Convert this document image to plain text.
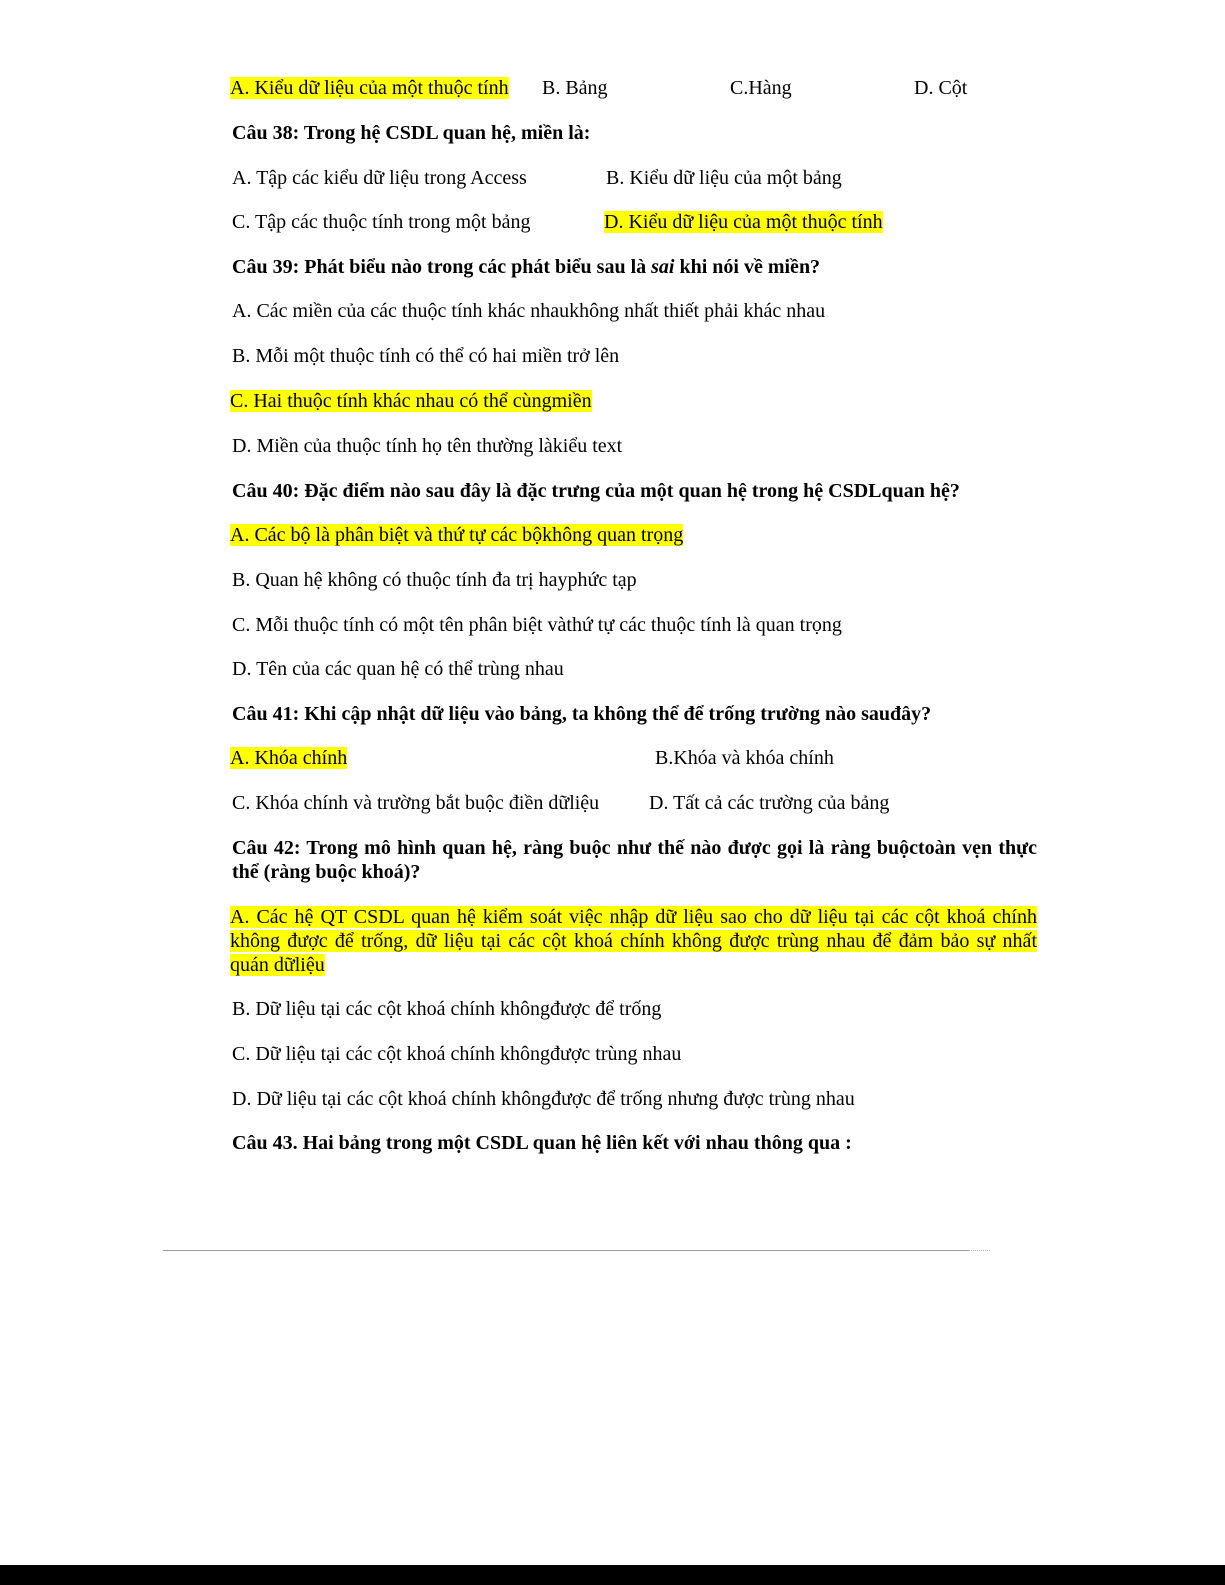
A. Kiểu dữ liệu của một thuộc tính B. Bảng	C.Hàng	D. Cột
Câu 38: Trong hệ CSDL quan hệ, miền là:
A. Tập các kiểu dữ liệu trong Access	B. Kiểu dữ liệu của một bảng
C. Tập các thuộc tính trong một bảng	D. Kiểu dữ liệu của một thuộc tính
Câu 39: Phát biểu nào trong các phát biểu sau là sai khi nói về miền?
A. Các miền của các thuộc tính khác nhaukhông nhất thiết phải khác nhau
B. Mỗi một thuộc tính có thể có hai miền trở lên
C. Hai thuộc tính khác nhau có thể cùngmiền
D. Miền của thuộc tính họ tên thường làkiểu text
Câu 40: Đặc điểm nào sau đây là đặc trưng của một quan hệ trong hệ CSDLquan hệ?
A. Các bộ là phân biệt và thứ tự các bộkhông quan trọng
B. Quan hệ không có thuộc tính đa trị hayphức tạp
C. Mỗi thuộc tính có một tên phân biệt vàthứ tự các thuộc tính là quan trọng
D. Tên của các quan hệ có thể trùng nhau
Câu 41: Khi cập nhật dữ liệu vào bảng, ta không thể để trống trường nào sauđây?
A. Khóa chính	B.Khóa và khóa chính
C. Khóa chính và trường bắt buộc điền dữliệu D. Tất cả các trường của bảng
Câu 42: Trong mô hình quan hệ, ràng buộc như thế nào được gọi là ràng buộctoàn vẹn thực thể (ràng buộc khoá)?
A. Các hệ QT CSDL quan hệ kiểm soát việc nhập dữ liệu sao cho dữ liệu tại các cột khoá chính không được để trống, dữ liệu tại các cột khoá chính không được trùng nhau để đảm bảo sự nhất quán dữliệu
B. Dữ liệu tại các cột khoá chính khôngđược để trống
C. Dữ liệu tại các cột khoá chính khôngđược trùng nhau
D. Dữ liệu tại các cột khoá chính khôngđược để trống nhưng được trùng nhau
Câu 43. Hai bảng trong một CSDL quan hệ liên kết với nhau thông qua :
